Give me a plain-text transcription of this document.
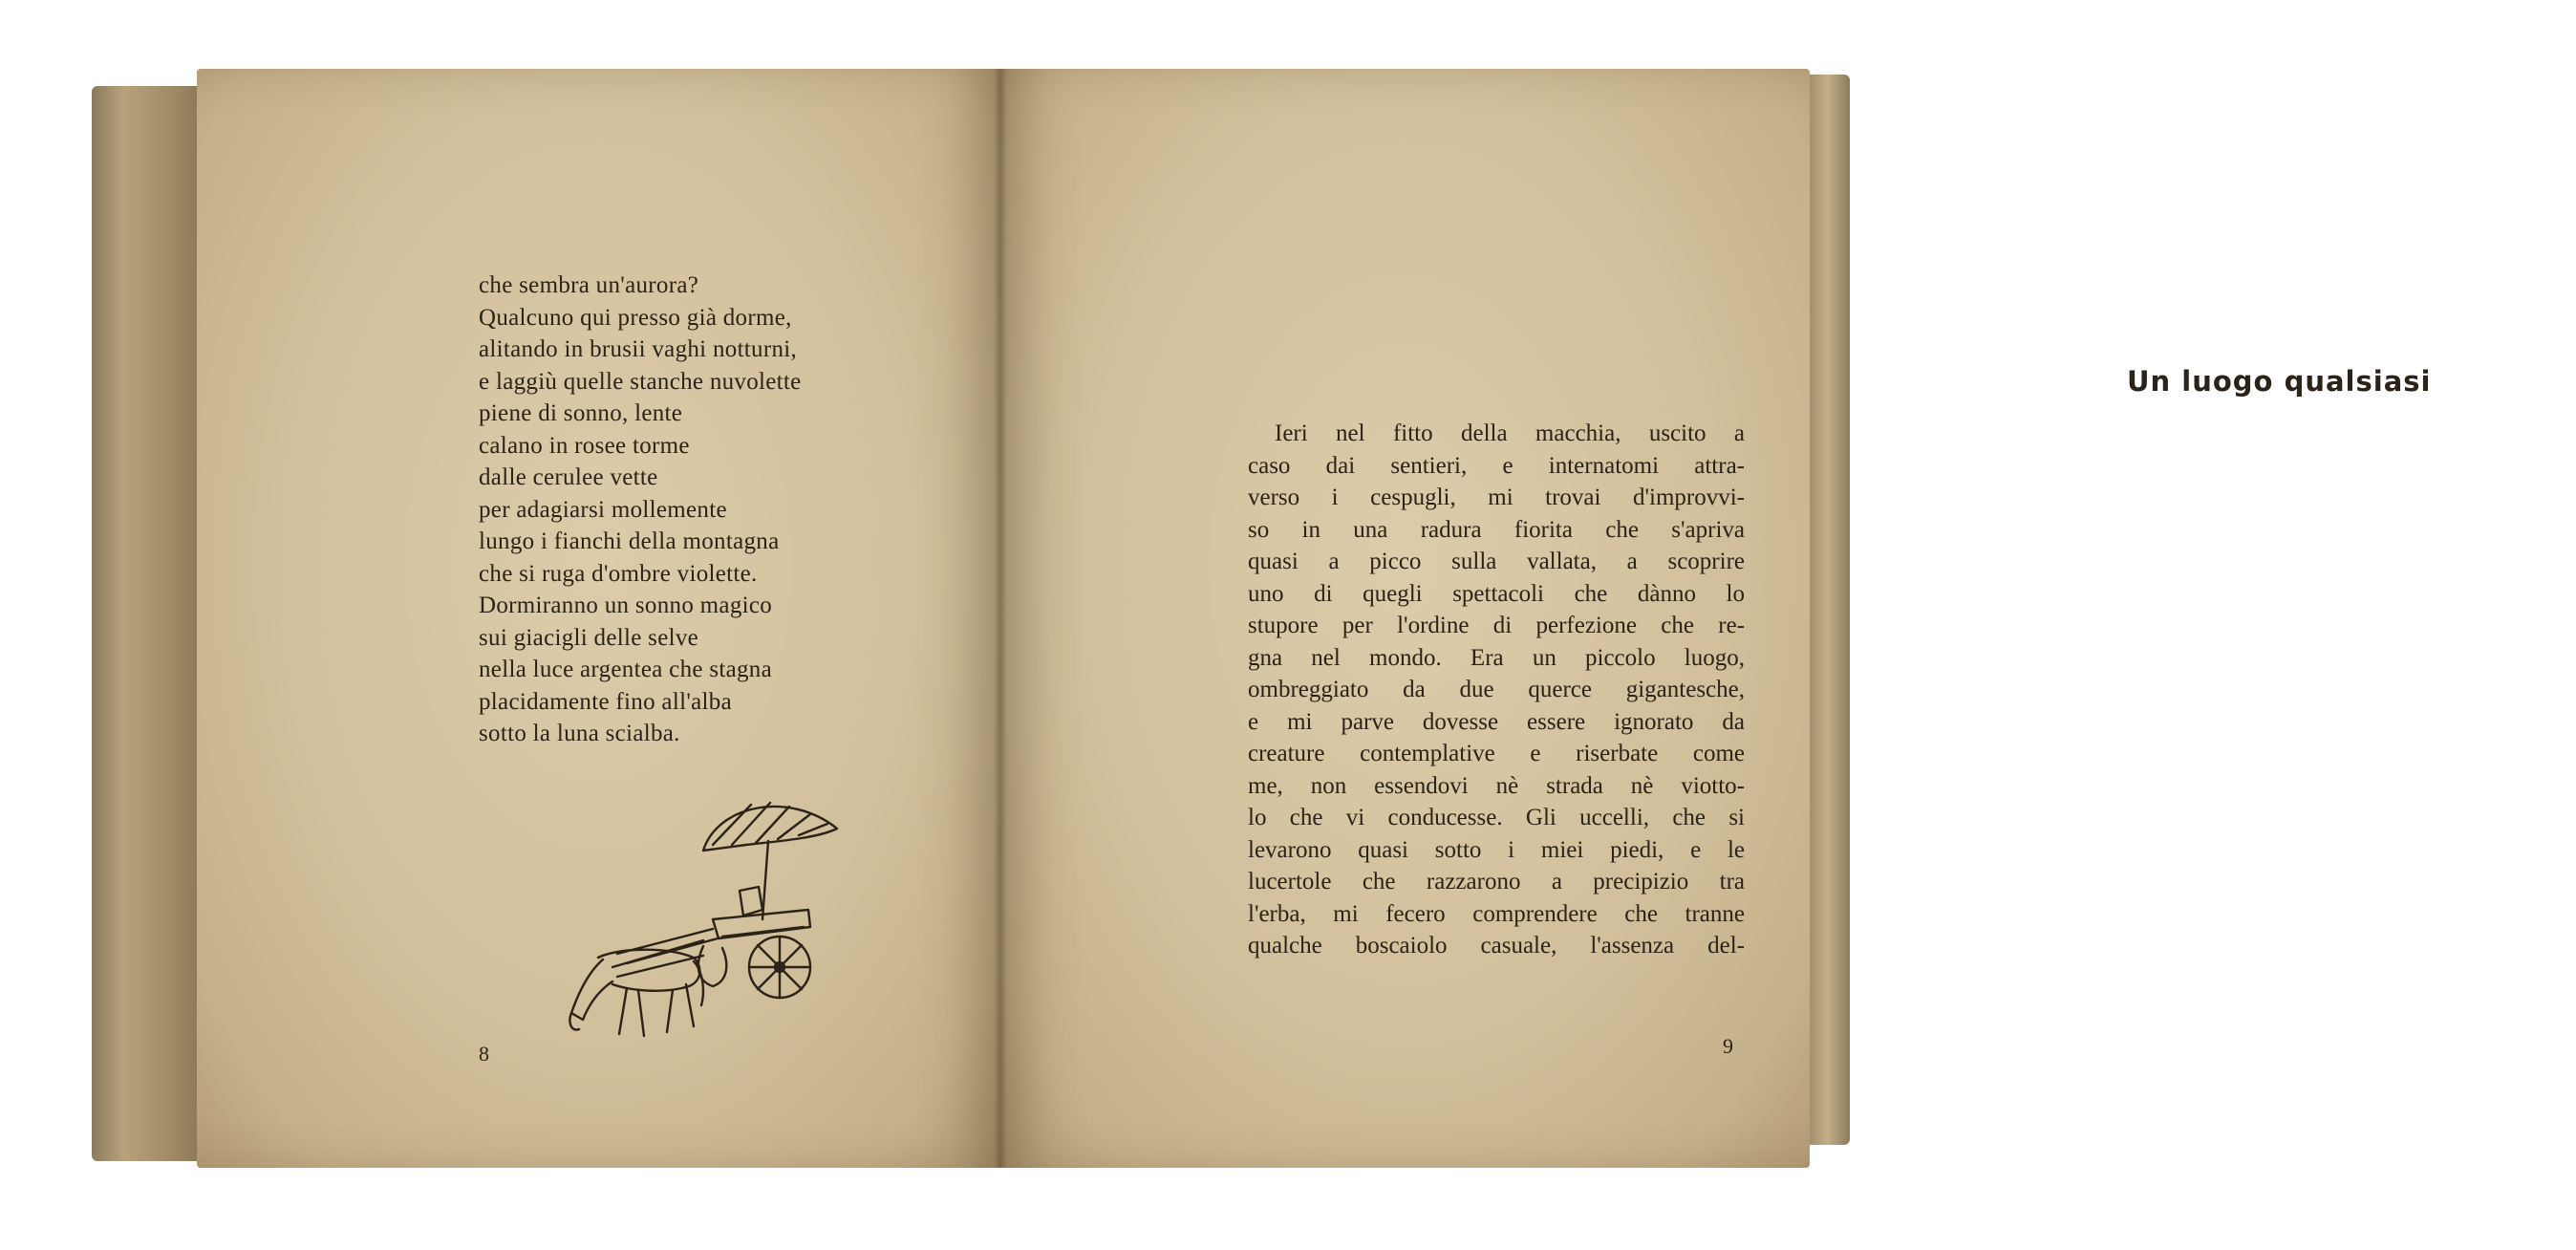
che sembra un'aurora?
Qualcuno qui presso già dorme,
alitando in brusii vaghi notturni,
e laggiù quelle stanche nuvolette
piene di sonno, lente
calano in rosee torme
dalle cerulee vette
per adagiarsi mollemente
lungo i fianchi della montagna
che si ruga d'ombre violette.
Dormiranno un sonno magico
sui giacigli delle selve
nella luce argentea che stagna
placidamente fino all'alba
sotto la luna scialba.
8
Un luogo qualsiasi
Ieri nel fitto della macchia, uscito a
caso dai sentieri, e internatomi attra-
verso i cespugli, mi trovai d'improvvi-
so in una radura fiorita che s'apriva
quasi a picco sulla vallata, a scoprire
uno di quegli spettacoli che dànno lo
stupore per l'ordine di perfezione che re-
gna nel mondo. Era un piccolo luogo,
ombreggiato da due querce gigantesche,
e mi parve dovesse essere ignorato da
creature contemplative e riserbate come
me, non essendovi nè strada nè viotto-
lo che vi conducesse. Gli uccelli, che si
levarono quasi sotto i miei piedi, e le
lucertole che razzarono a precipizio tra
l'erba, mi fecero comprendere che tranne
qualche boscaiolo casuale, l'assenza del-
9
